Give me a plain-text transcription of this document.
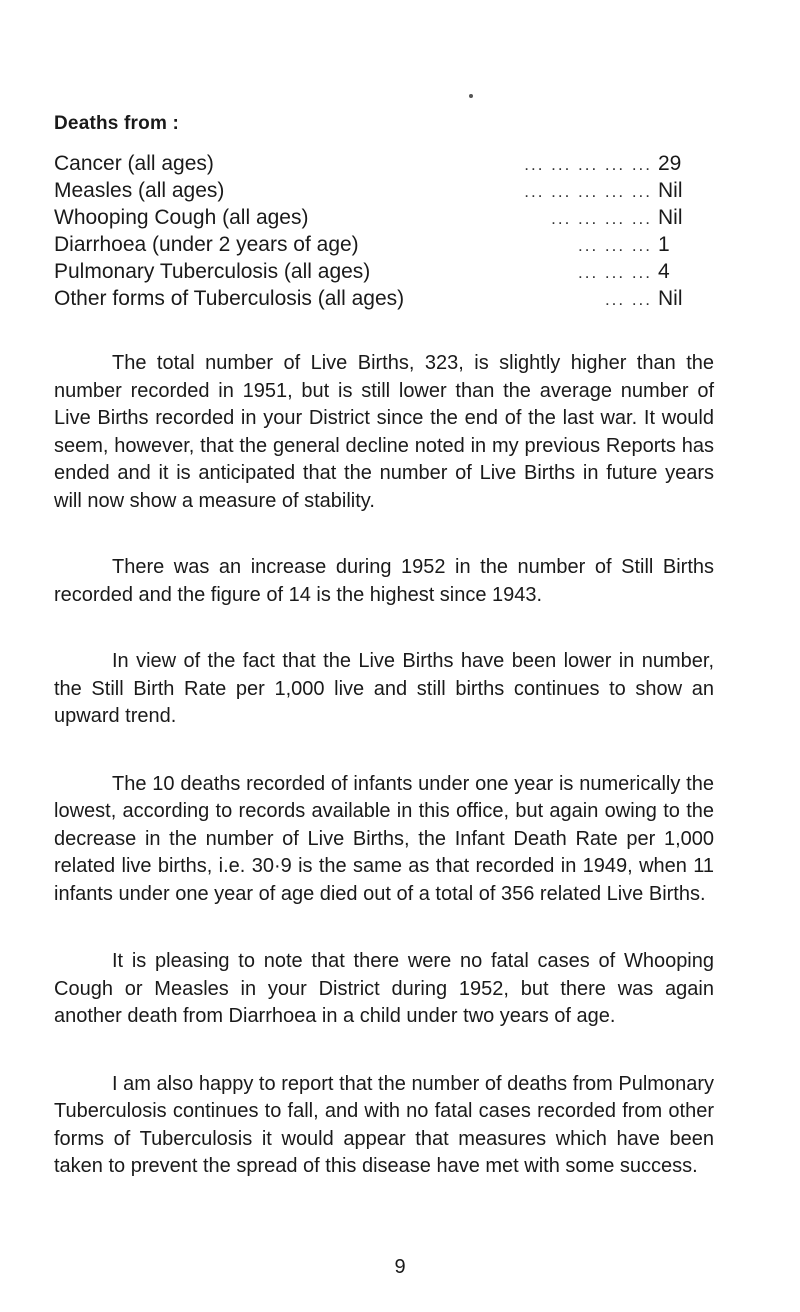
Deaths from :
Cancer (all ages)	... ... ... ... ... 29
Measles (all ages)	... ... ... ... ... Nil
Whooping Cough (all ages)	... ... ... ... Nil
Diarrhoea (under 2 years of age)	... ... ... 1
Pulmonary Tuberculosis (all ages)	... ... ... 4
Other forms of Tuberculosis (all ages)	... ... Nil

The total number of Live Births, 323, is slightly higher than the number recorded in 1951, but is still lower than the average number of Live Births recorded in your District since the end of the last war. It would seem, however, that the general decline noted in my previous Reports has ended and it is anticipated that the number of Live Births in future years will now show a measure of stability.

There was an increase during 1952 in the number of Still Births recorded and the figure of 14 is the highest since 1943.

In view of the fact that the Live Births have been lower in number, the Still Birth Rate per 1,000 live and still births continues to show an upward trend.

The 10 deaths recorded of infants under one year is numerically the lowest, according to records available in this office, but again owing to the decrease in the number of Live Births, the Infant Death Rate per 1,000 related live births, i.e. 30·9 is the same as that recorded in 1949, when 11 infants under one year of age died out of a total of 356 related Live Births.

It is pleasing to note that there were no fatal cases of Whooping Cough or Measles in your District during 1952, but there was again another death from Diarrhoea in a child under two years of age.

I am also happy to report that the number of deaths from Pulmonary Tuberculosis continues to fall, and with no fatal cases recorded from other forms of Tuberculosis it would appear that measures which have been taken to prevent the spread of this disease have met with some success.

9
